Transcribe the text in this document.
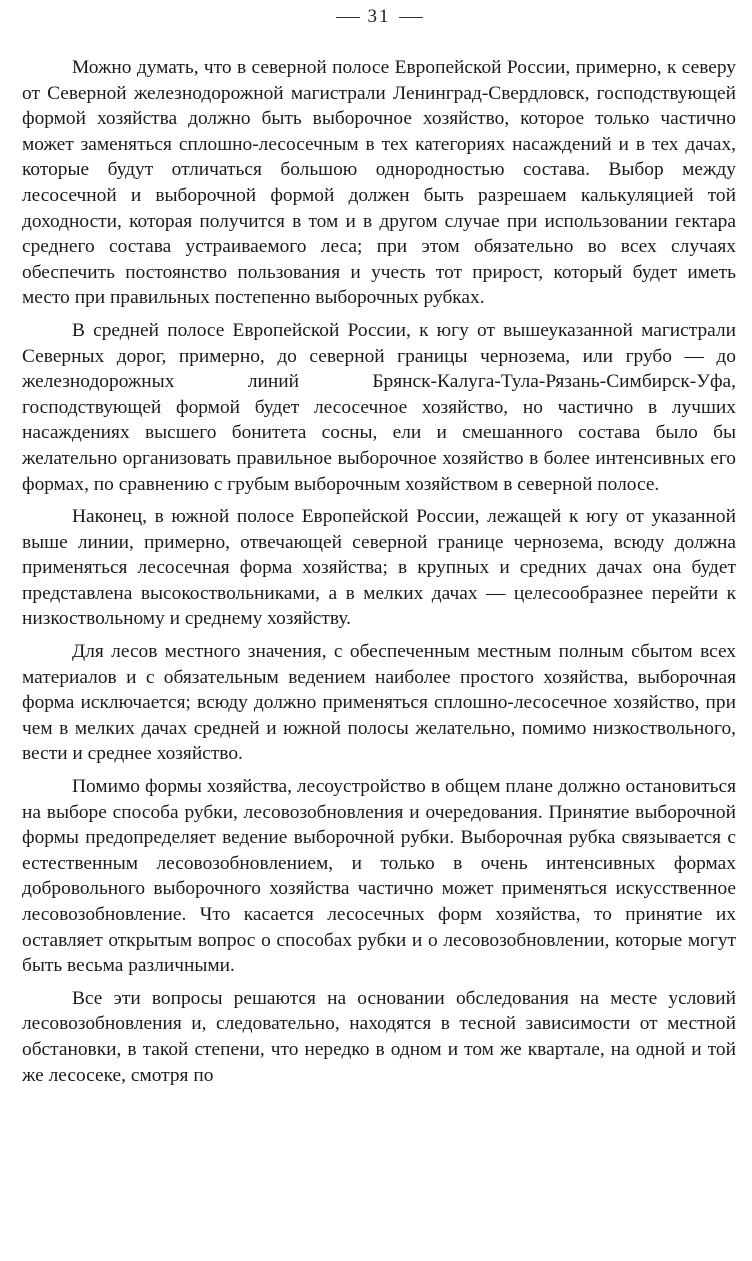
31

Можно думать, что в северной полосе Европейской России, примерно, к северу от Северной железнодорожной магистрали Ленинград-Свердловск, господствующей формой хозяйства должно быть выборочное хозяйство, которое только частично может заменяться сплошно-лесосечным в тех категориях насаждений и в тех дачах, которые будут отличаться большою однородностью состава. Выбор между лесосечной и выборочной формой должен быть разрешаем калькуляцией той доходности, которая получится в том и в другом случае при использовании гектара среднего состава устраиваемого леса; при этом обязательно во всех случаях обеспечить постоянство пользования и учесть тот прирост, который будет иметь место при правильных постепенно выборочных рубках.

В средней полосе Европейской России, к югу от вышеуказанной магистрали Северных дорог, примерно, до северной границы чернозема, или грубо — до железнодорожных линий Брянск-Калуга-Тула-Рязань-Симбирск-Уфа, господствующей формой будет лесосечное хозяйство, но частично в лучших насаждениях высшего бонитета сосны, ели и смешанного состава было бы желательно организовать правильное выборочное хозяйство в более интенсивных его формах, по сравнению с грубым выборочным хозяйством в северной полосе.

Наконец, в южной полосе Европейской России, лежащей к югу от указанной выше линии, примерно, отвечающей северной границе чернозема, всюду должна применяться лесосечная форма хозяйства; в крупных и средних дачах она будет представлена высокоствольниками, а в мелких дачах — целесообразнее перейти к низкоствольному и среднему хозяйству.

Для лесов местного значения, с обеспеченным местным полным сбытом всех материалов и с обязательным ведением наиболее простого хозяйства, выборочная форма исключается; всюду должно применяться сплошно-лесосечное хозяйство, при чем в мелких дачах средней и южной полосы желательно, помимо низкоствольного, вести и среднее хозяйство.

Помимо формы хозяйства, лесоустройство в общем плане должно остановиться на выборе способа рубки, лесовозобновления и очередования. Принятие выборочной формы предопределяет ведение выборочной рубки. Выборочная рубка связывается с естественным лесовозобновлением, и только в очень интенсивных формах добровольного выборочного хозяйства частично может применяться искусственное лесовозобновление. Что касается лесосечных форм хозяйства, то принятие их оставляет открытым вопрос о способах рубки и о лесовозобновлении, которые могут быть весьма различными.

Все эти вопросы решаются на основании обследования на месте условий лесовозобновления и, следовательно, находятся в тесной зависимости от местной обстановки, в такой степени, что нередко в одном и том же квартале, на одной и той же лесосеке, смотря по
